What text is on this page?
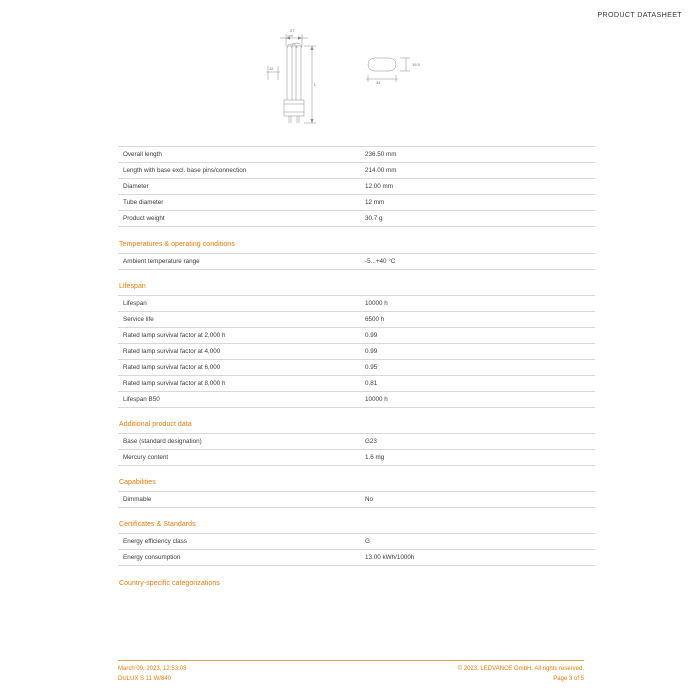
PRODUCT DATASHEET
27
max.
12
L
19.5
34
Overall length	236.50 mm
Length with base excl. base pins/connection	214.00 mm
Diameter	12.00 mm
Tube diameter	12 mm
Product weight	30.7 g
Temperatures & operating conditions
Ambient temperature range	-5...+40 °C
Lifespan
Lifespan	10000 h
Service life	6500 h
Rated lamp survival factor at 2,000 h	0.99
Rated lamp survival factor at 4,000	0.99
Rated lamp survival factor at 6,000	0.95
Rated lamp survival factor at 8,000 h	0.81
Lifespan B50	10000 h
Additional product data
Base (standard designation)	G23
Mercury content	1.6 mg
Capabilities
Dimmable	No
Certificates & Standards
Energy efficiency class	G
Energy consumption	13.00 kWh/1000h
Country-specific categorizations
March 09, 2023, 12:53:03
DULUX S 11 W/840
© 2023, LEDVANCE GmbH. All rights reserved.
Page 3 of 5
